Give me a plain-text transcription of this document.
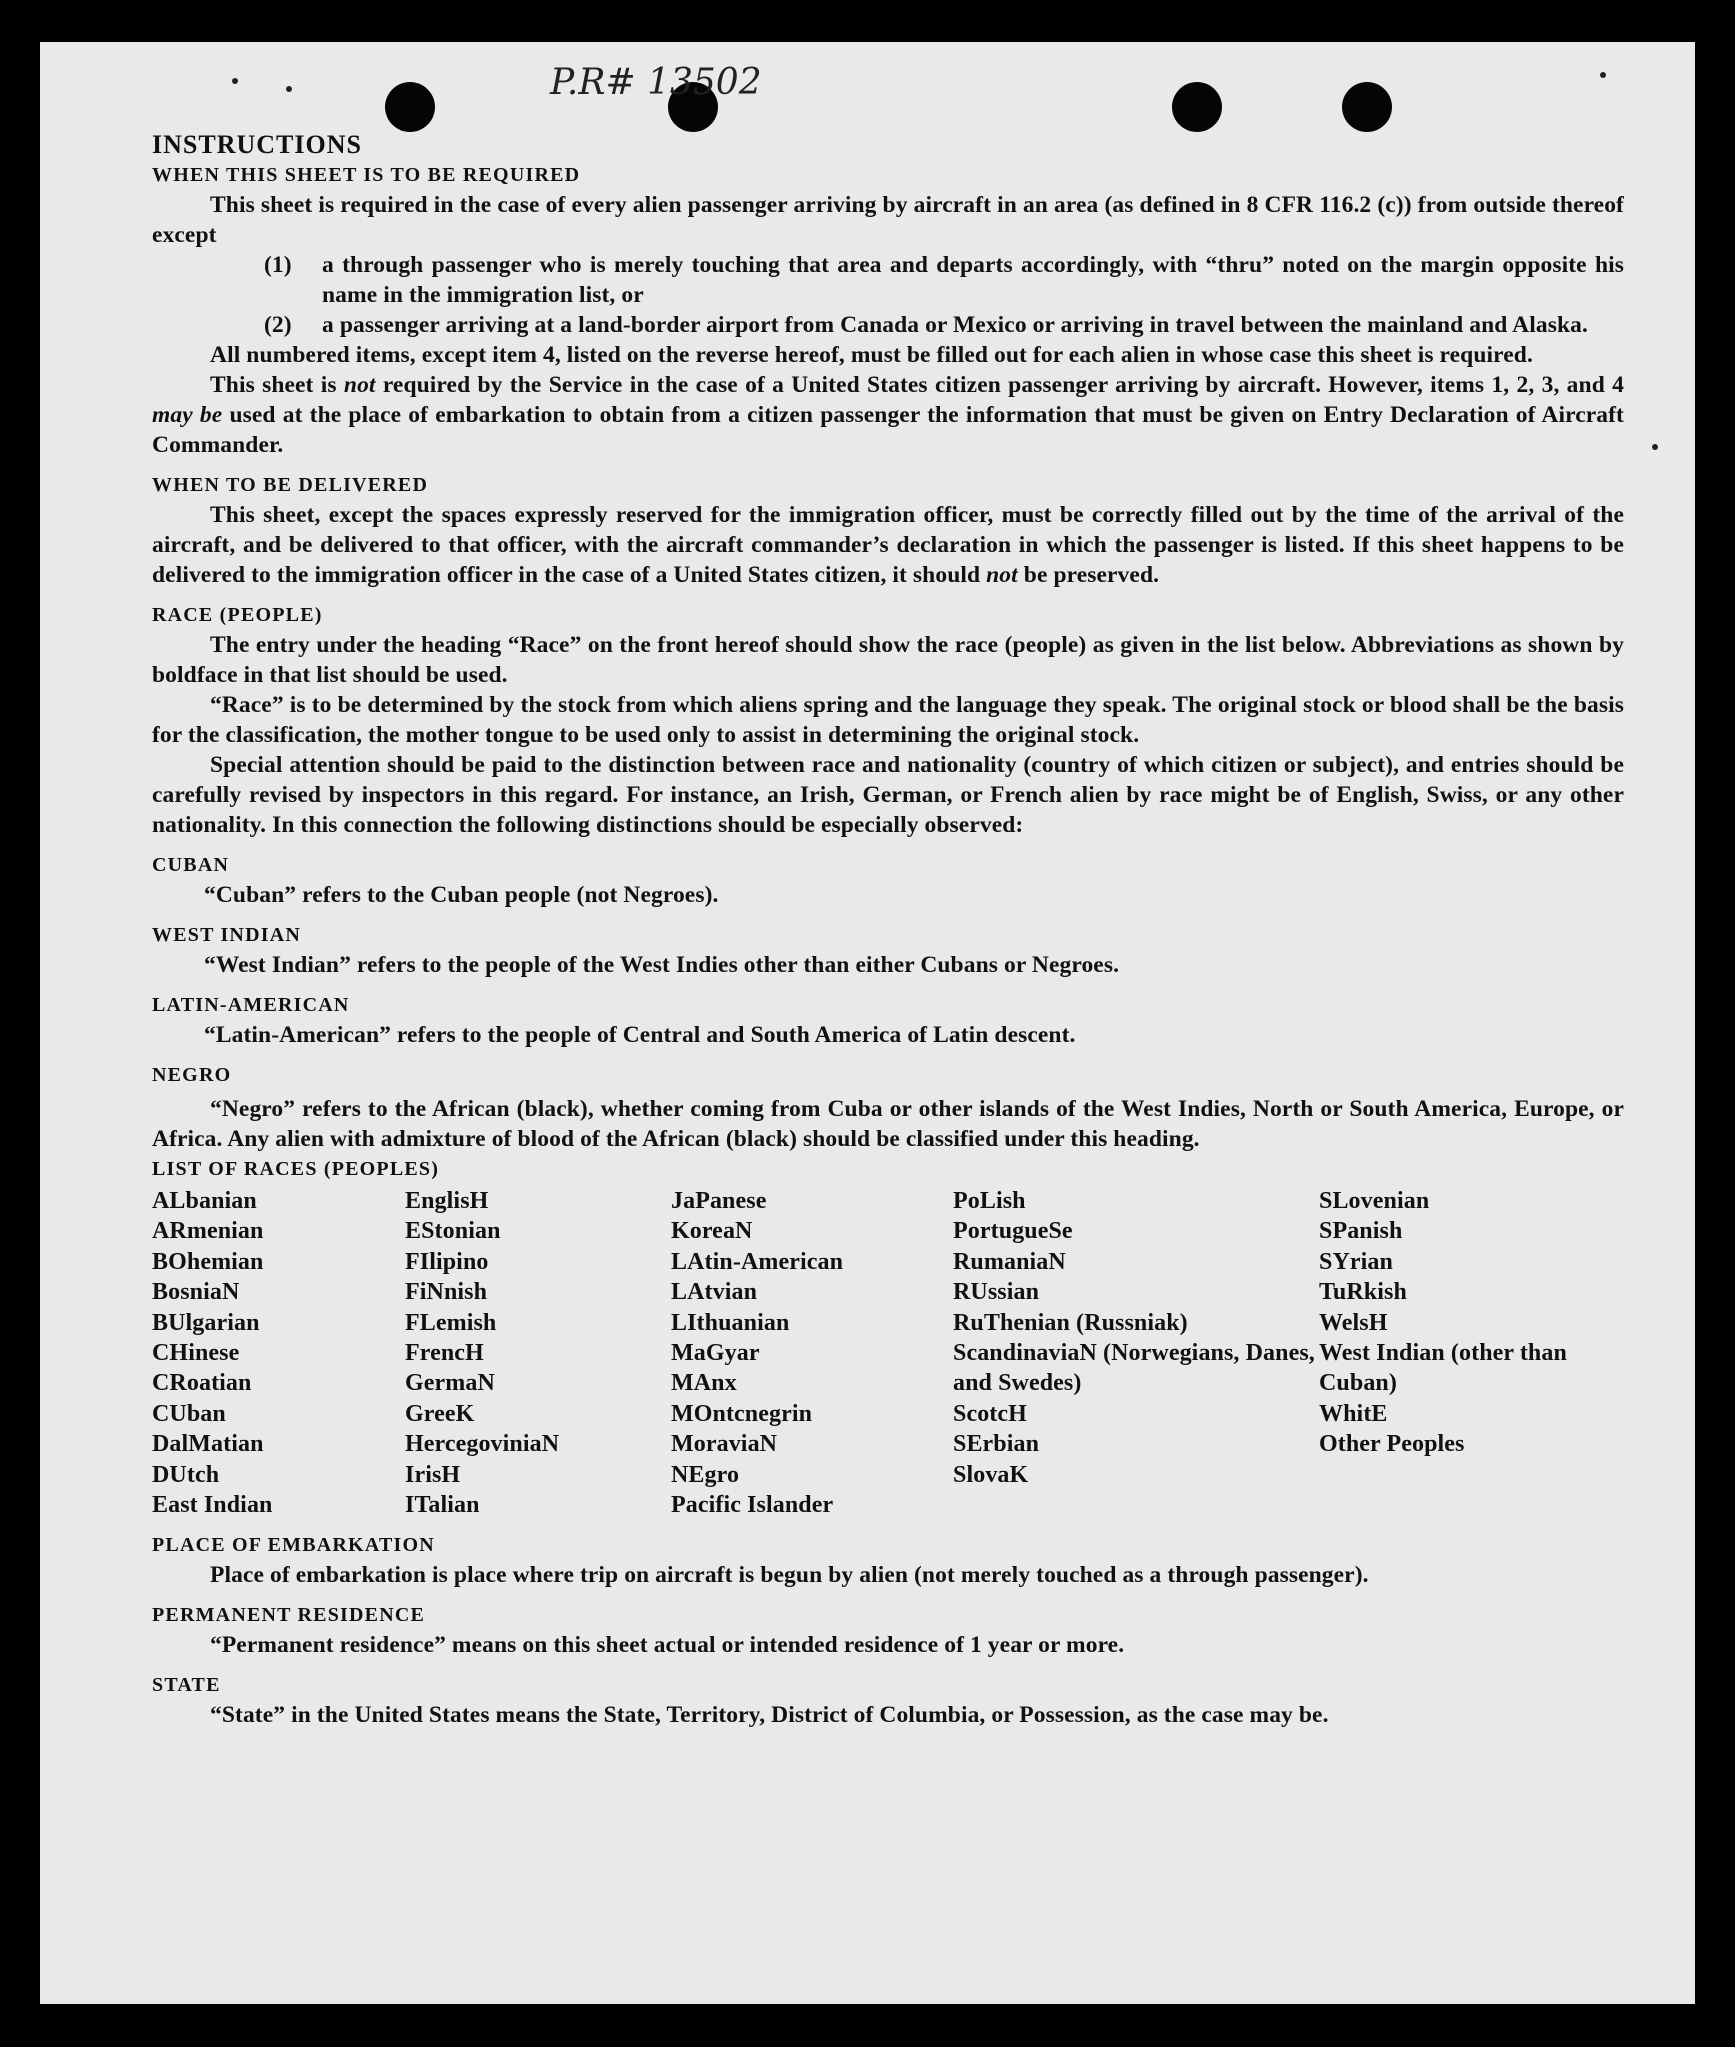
P.R# 13502

INSTRUCTIONS

WHEN THIS SHEET IS TO BE REQUIRED

This sheet is required in the case of every alien passenger arriving by aircraft in an area (as defined in 8 CFR 116.2 (c)) from outside thereof except

(1)	a through passenger who is merely touching that area and departs accordingly, with “thru” noted on the margin opposite his name in the immigration list, or
(2)	a passenger arriving at a land-border airport from Canada or Mexico or arriving in travel between the mainland and Alaska.

All numbered items, except item 4, listed on the reverse hereof, must be filled out for each alien in whose case this sheet is required.

This sheet is not required by the Service in the case of a United States citizen passenger arriving by aircraft. However, items 1, 2, 3, and 4 may be used at the place of embarkation to obtain from a citizen passenger the information that must be given on Entry Declaration of Aircraft Commander.

WHEN TO BE DELIVERED

This sheet, except the spaces expressly reserved for the immigration officer, must be correctly filled out by the time of the arrival of the aircraft, and be delivered to that officer, with the aircraft commander’s declaration in which the passenger is listed. If this sheet happens to be delivered to the immigration officer in the case of a United States citizen, it should not be preserved.

RACE (PEOPLE)

The entry under the heading “Race” on the front hereof should show the race (people) as given in the list below. Abbreviations as shown by boldface in that list should be used.

“Race” is to be determined by the stock from which aliens spring and the language they speak. The original stock or blood shall be the basis for the classification, the mother tongue to be used only to assist in determining the original stock.

Special attention should be paid to the distinction between race and nationality (country of which citizen or subject), and entries should be carefully revised by inspectors in this regard. For instance, an Irish, German, or French alien by race might be of English, Swiss, or any other nationality. In this connection the following distinctions should be especially observed:

CUBAN

“Cuban” refers to the Cuban people (not Negroes).

WEST INDIAN

“West Indian” refers to the people of the West Indies other than either Cubans or Negroes.

LATIN-AMERICAN

“Latin-American” refers to the people of Central and South America of Latin descent.

NEGRO

“Negro” refers to the African (black), whether coming from Cuba or other islands of the West Indies, North or South America, Europe, or Africa. Any alien with admixture of blood of the African (black) should be classified under this heading.

LIST OF RACES (PEOPLES)

ALbanian
ARmenian
BOhemian
BosniaN
BUlgarian
CHinese
CRoatian
CUban
DalMatian
DUtch
East Indian
EnglisH
EStonian
FIlipino
FiNnish
FLemish
FrencH
GermaN
GreeK
HercegoviniaN
IrisH
ITalian
JaPanese
KoreaN
LAtin-American
LAtvian
LIthuanian
MaGyar
MAnx
MOntcnegrin
MoraviaN
NEgro
Pacific Islander
PoLish
PortugueSe
RumaniaN
RUssian
RuThenian (Russniak)
ScandinaviaN (Norwegians, Danes, and Swedes)
ScotcH
SErbian
SlovaK
SLovenian
SPanish
SYrian
TuRkish
WelsH
West Indian (other than Cuban)
WhitE
Other Peoples

PLACE OF EMBARKATION

Place of embarkation is place where trip on aircraft is begun by alien (not merely touched as a through passenger).

PERMANENT RESIDENCE

“Permanent residence” means on this sheet actual or intended residence of 1 year or more.

STATE

“State” in the United States means the State, Territory, District of Columbia, or Possession, as the case may be.
